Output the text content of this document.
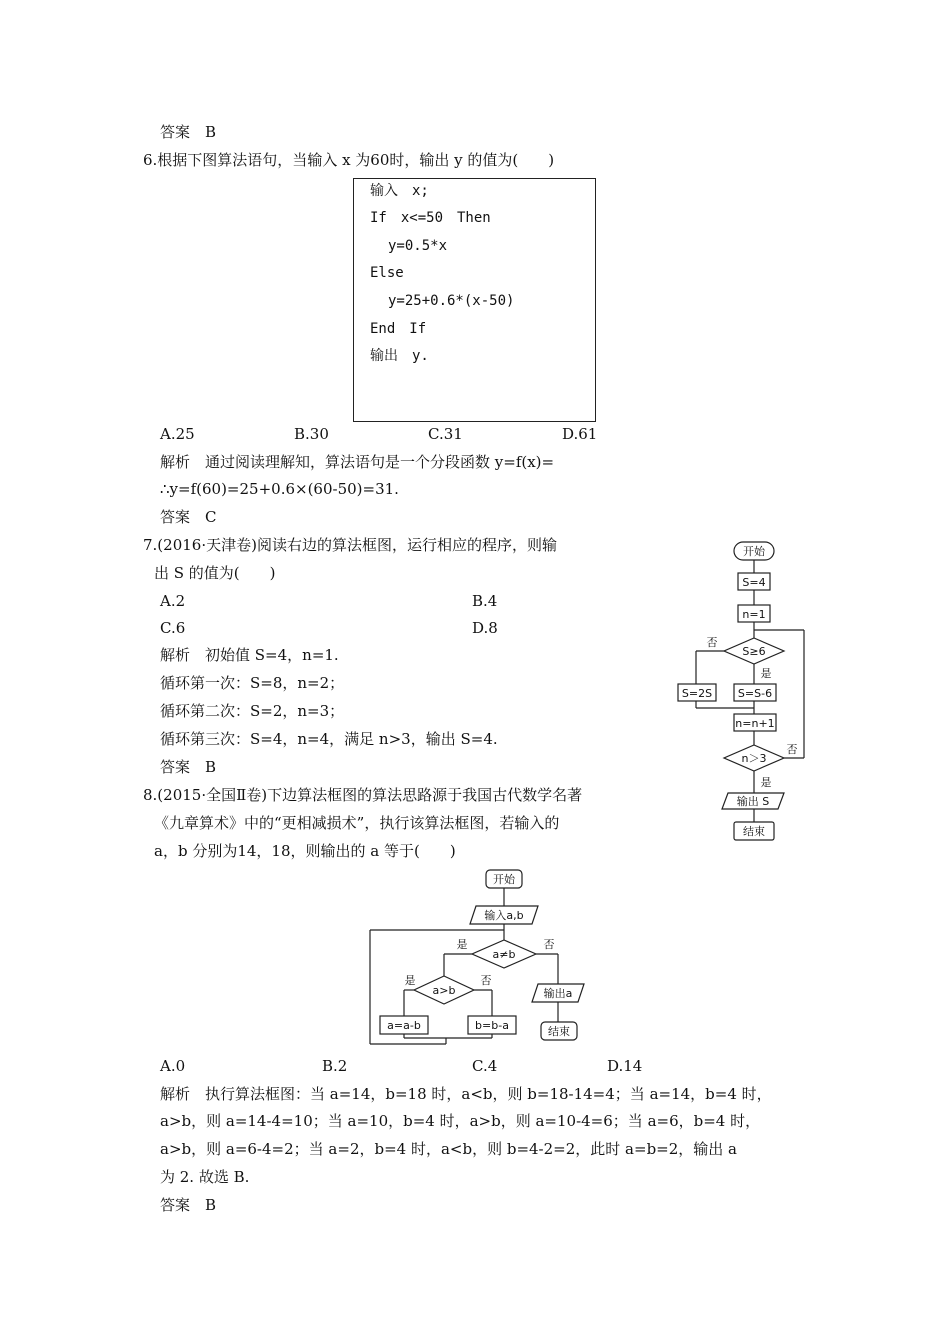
答案　B
6.根据下图算法语句，当输入 x 为60时，输出 y 的值为(　　)
输入　x;
If　x<=50　Then
y=0.5*x
Else
y=25+0.6*(x-50)
End　If
输出　y.
A.25	B.30	C.31	D.61
解析　通过阅读理解知，算法语句是一个分段函数 y=f(x)=
∴y=f(60)=25+0.6×(60-50)=31.
答案　C
7.(2016·天津卷)阅读右边的算法框图，运行相应的程序，则输
出 S 的值为(　　)
A.2	B.4
C.6	D.8
解析　初始值 S=4，n=1.
循环第一次：S=8，n=2；
循环第二次：S=2，n=3；
循环第三次：S=4，n=4，满足 n>3，输出 S=4.
答案　B
开始
S=4
n=1
S≥6
否
是
S=2S S=S-6
n=n+1
n＞3
否
是
输出 S
结束
8.(2015·全国Ⅱ卷)下边算法框图的算法思路源于我国古代数学名著
《九章算术》中的“更相减损术”，执行该算法框图，若输入的
a，b 分别为14，18，则输出的 a 等于(　　)
开始
输入a,b
a≠b
是	否
a>b
是	否
a=a-b	b=b-a
输出a
结束
A.0	B.2	C.4	D.14
解析　执行算法框图：当 a=14，b=18 时，a<b，则 b=18-14=4；当 a=14，b=4 时，
a>b，则 a=14-4=10；当 a=10，b=4 时，a>b，则 a=10-4=6；当 a=6，b=4 时，
a>b，则 a=6-4=2；当 a=2，b=4 时，a<b，则 b=4-2=2，此时 a=b=2，输出 a
为 2. 故选 B.
答案　B
